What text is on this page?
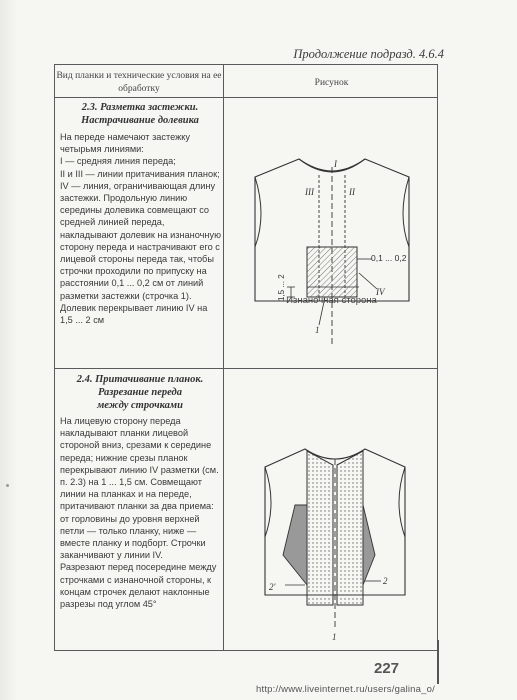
Продолжение подразд. 4.6.4
Вид планки и технические условия на ее обработку
Рисунок
2.3. Разметка застежки.
Настрачивание долевика

На переде намечают застежку четырьмя линиями:

I — средняя линия переда;

II и III — линии притачивания планок;

IV — линия, ограничивающая длину застежки. Продольную линию середины долевика совмещают со средней линией переда, накладывают долевик на изнаночную сторону переда и настрачивают его с лицевой стороны переда так, чтобы строчки проходили по припуску на расстоянии 0,1 ... 0,2 см от линий разметки застежки (строчка 1). Долевик перекрывает линию IV на 1,5 ... 2 см

I
III	II
0,1 ... 0,2
IV
1,5 ... 2
1
Изнаночная сторона
2.4. Притачивание планок.
Разрезание переда
между строчками

На лицевую сторону переда накладывают планки лицевой стороной вниз, срезами к середине переда; нижние срезы планок перекрывают линию IV разметки (см. п. 2.3) на 1 ... 1,5 см. Совмещают линии на планках и на переде, притачивают планки за два приема: от горловины до уровня верхней петли — только планку, ниже — вместе планку и подборт. Строчки заканчивают у линии IV.

Разрезают перед посередине между строчками с изнаночной стороны, к концам строчек делают наклонные разрезы под углом 45°

2'
2
1
227
http://www.liveinternet.ru/users/galina_o/
